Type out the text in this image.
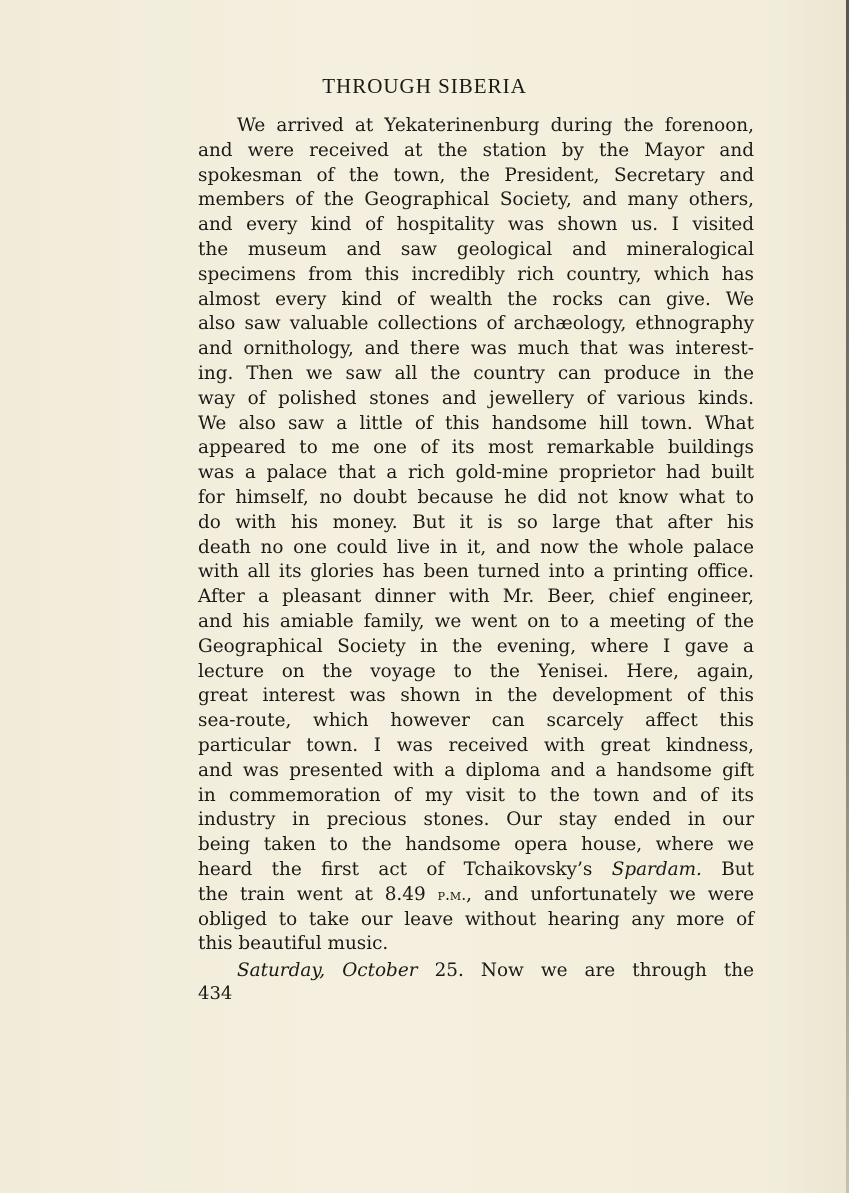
THROUGH SIBERIA
We arrived at Yekaterinenburg during the forenoon,
and were received at the station by the Mayor and
spokesman of the town, the President, Secretary and
members of the Geographical Society, and many others,
and every kind of hospitality was shown us. I visited
the museum and saw geological and mineralogical
specimens from this incredibly rich country, which has
almost every kind of wealth the rocks can give. We
also saw valuable collections of archæology, ethnography
and ornithology, and there was much that was interest-
ing. Then we saw all the country can produce in the
way of polished stones and jewellery of various kinds.
We also saw a little of this handsome hill town. What
appeared to me one of its most remarkable buildings
was a palace that a rich gold-mine proprietor had built
for himself, no doubt because he did not know what to
do with his money. But it is so large that after his
death no one could live in it, and now the whole palace
with all its glories has been turned into a printing office.
After a pleasant dinner with Mr. Beer, chief engineer,
and his amiable family, we went on to a meeting of the
Geographical Society in the evening, where I gave a
lecture on the voyage to the Yenisei. Here, again,
great interest was shown in the development of this
sea-route, which however can scarcely affect this
particular town. I was received with great kindness,
and was presented with a diploma and a handsome gift
in commemoration of my visit to the town and of its
industry in precious stones. Our stay ended in our
being taken to the handsome opera house, where we
heard the first act of Tchaikovsky’s Spardam. But
the train went at 8.49 p.m., and unfortunately we were
obliged to take our leave without hearing any more of
this beautiful music.
Saturday, October 25. Now we are through the
434
